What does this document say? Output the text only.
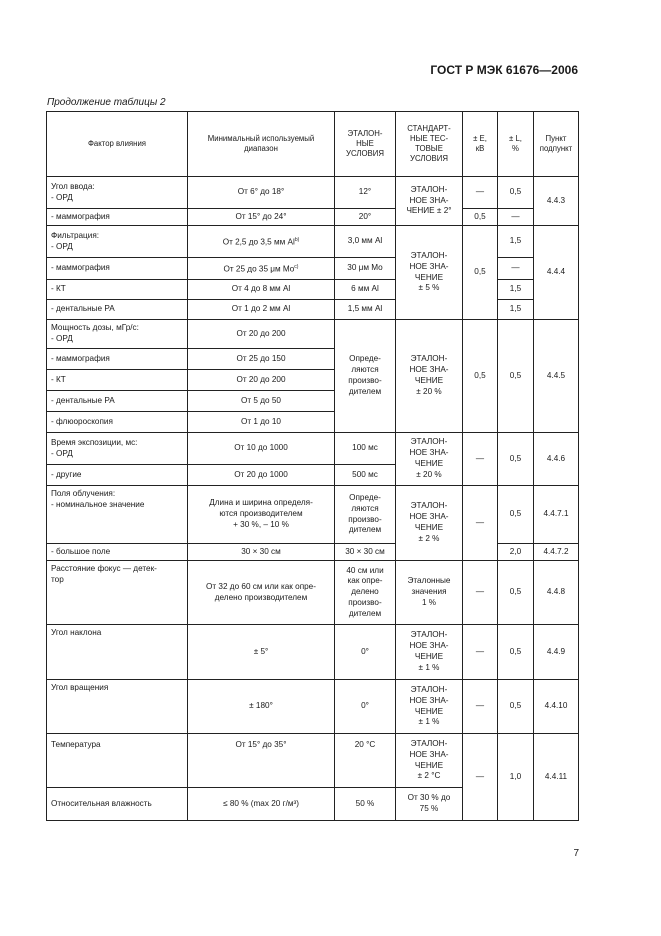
ГОСТ Р МЭК 61676—2006
Продолжение таблицы 2
Фактор влияния	Минимальный используемый диапазон	ЭТАЛОН-
НЫЕ
УСЛОВИЯ	СТАНДАРТ-
НЫЕ ТЕС-
ТОВЫЕ
УСЛОВИЯ	± E,
кВ	± L,
%	Пункт
подпункт

Угол ввода:
- ОРД	От 6° до 18°	12°	ЭТАЛОН-
НОЕ ЗНА-
ЧЕНИЕ ± 2°	—	0,5	4.4.3
- маммография	От 15° до 24°	20°		0,5	—	

Фильтрация:
- ОРД	От 2,5 до 3,5 мм Al$^{b)}$	3,0 мм Al	ЭТАЛОН-
НОЕ ЗНА-
ЧЕНИЕ
± 5 %	0,5	1,5	4.4.4
- маммография	От 25 до 35 μм Mo$^{c)}$	30 μм Mo			—	
- КТ	От 4 до 8 мм Al	6 мм Al			1,5	
- дентальные РА	От 1 до 2 мм Al	1,5 мм Al			1,5	

Мощность дозы, мГр/с:
- ОРД	От 20 до 200	Опреде-
ляются
произво-
дителем	ЭТАЛОН-
НОЕ ЗНА-
ЧЕНИЕ
± 20 %	0,5	0,5	4.4.5
- маммография	От 25 до 150					
- КТ	От 20 до 200					
- дентальные РА	От 5 до 50					
- флюороскопия	От 1 до 10					

Время экспозиции, мс:
- ОРД	От 10 до 1000	100 мс	ЭТАЛОН-
НОЕ ЗНА-
ЧЕНИЕ
± 20 %	—	0,5	4.4.6
- другие	От 20 до 1000	500 мс				

Поля облучения:
- номинальное значение	Длина и ширина определя-
ются производителем
+ 30 %, – 10 %	Опреде-
ляются
произво-
дителем	ЭТАЛОН-
НОЕ ЗНА-
ЧЕНИЕ
± 2 %	—	0,5	4.4.7.1
- большое поле	30 × 30 см	30 × 30 см			2,0	4.4.7.2

Расстояние фокус — детек-
тор	От 32 до 60 см или как опре-
делено производителем	40 см или
как опре-
делено
произво-
дителем	Эталонные
значения
1 %	—	0,5	4.4.8
Угол наклона	± 5°	0°	ЭТАЛОН-
НОЕ ЗНА-
ЧЕНИЕ
± 1 %	—	0,5	4.4.9
Угол вращения	± 180°	0°	ЭТАЛОН-
НОЕ ЗНА-
ЧЕНИЕ
± 1 %	—	0,5	4.4.10
Температура	От 15° до 35°	20 °C	ЭТАЛОН-
НОЕ ЗНА-
ЧЕНИЕ
± 2 °C	—	1,0	4.4.11
Относительная влажность	≤ 80 % (max 20 г/м³)	50 %	От 30 % до
75 %			
7
